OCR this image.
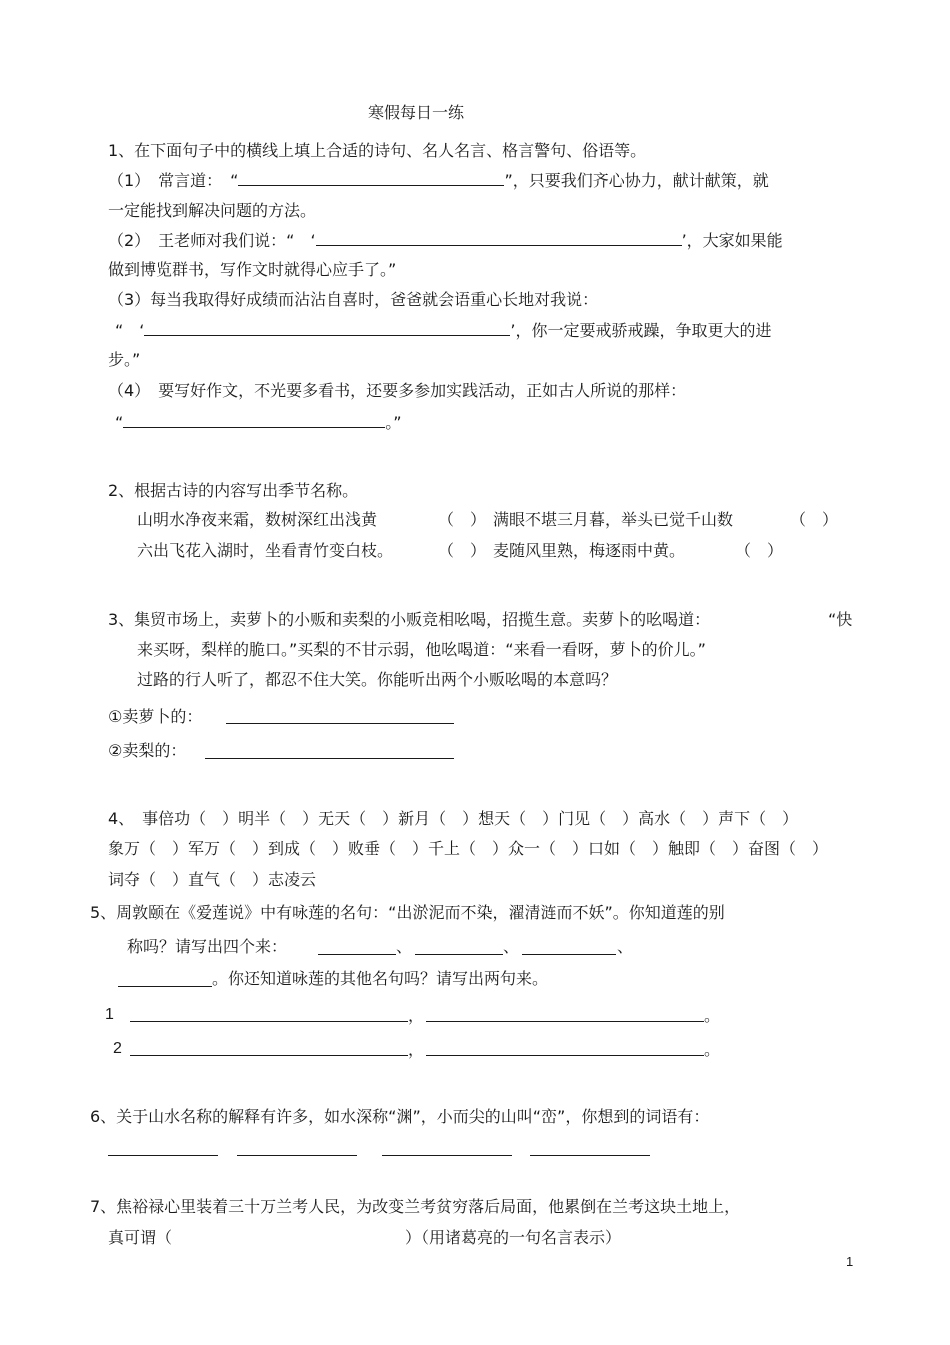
寒假每日一练
1、在下面句子中的横线上填上合适的诗句、名人名言、格言警句、俗语等。
（1）　常言道：　“	”，只要我们齐心协力，献计献策，就
一定能找到解决问题的方法。
（2）　王老师对我们说：“　‘	’，大家如果能
做到博览群书，写作文时就得心应手了。”
（3）每当我取得好成绩而沾沾自喜时，爸爸就会语重心长地对我说：
“　‘	’，你一定要戒骄戒躁，争取更大的进
步。”
（4）　要写好作文，不光要多看书，还要多参加实践活动，正如古人所说的那样：
“	。”
2、根据古诗的内容写出季节名称。
山明水净夜来霜，数树深红出浅黄	（　） 满眼不堪三月暮，举头已觉千山数	（　）
六出飞花入湖时，坐看青竹变白枝。	（　） 麦随风里熟，梅逐雨中黄。	（　）
3、集贸市场上，卖萝卜的小贩和卖梨的小贩竞相吆喝，招揽生意。卖萝卜的吆喝道：	“快
来买呀，梨样的脆口。”买梨的不甘示弱，他吆喝道：“来看一看呀，萝卜的价儿。”
过路的行人听了，都忍不住大笑。你能听出两个小贩吆喝的本意吗？
①卖萝卜的：
②卖梨的：
4、　事倍功（　）明半（　）无天（　）新月（　）想天（　）门见（　）高水（　）声下（　）
象万（　）军万（　）到成（　）败垂（　）千上（　）众一（　）口如（　）触即（　）奋图（　）
词夺（　）直气（　）志凌云
5、周敦颐在《爱莲说》中有咏莲的名句：“出淤泥而不染，濯清涟而不妖”。你知道莲的别
称吗？请写出四个来：	、	、	、
。你还知道咏莲的其他名句吗？请写出两句来。
1	，	。
2	，	。
6、关于山水名称的解释有许多，如水深称“渊”，小而尖的山叫“峦”，你想到的词语有：
7、焦裕禄心里装着三十万兰考人民，为改变兰考贫穷落后局面，他累倒在兰考这块土地上，
真可谓（	）（用诸葛亮的一句名言表示）
1
